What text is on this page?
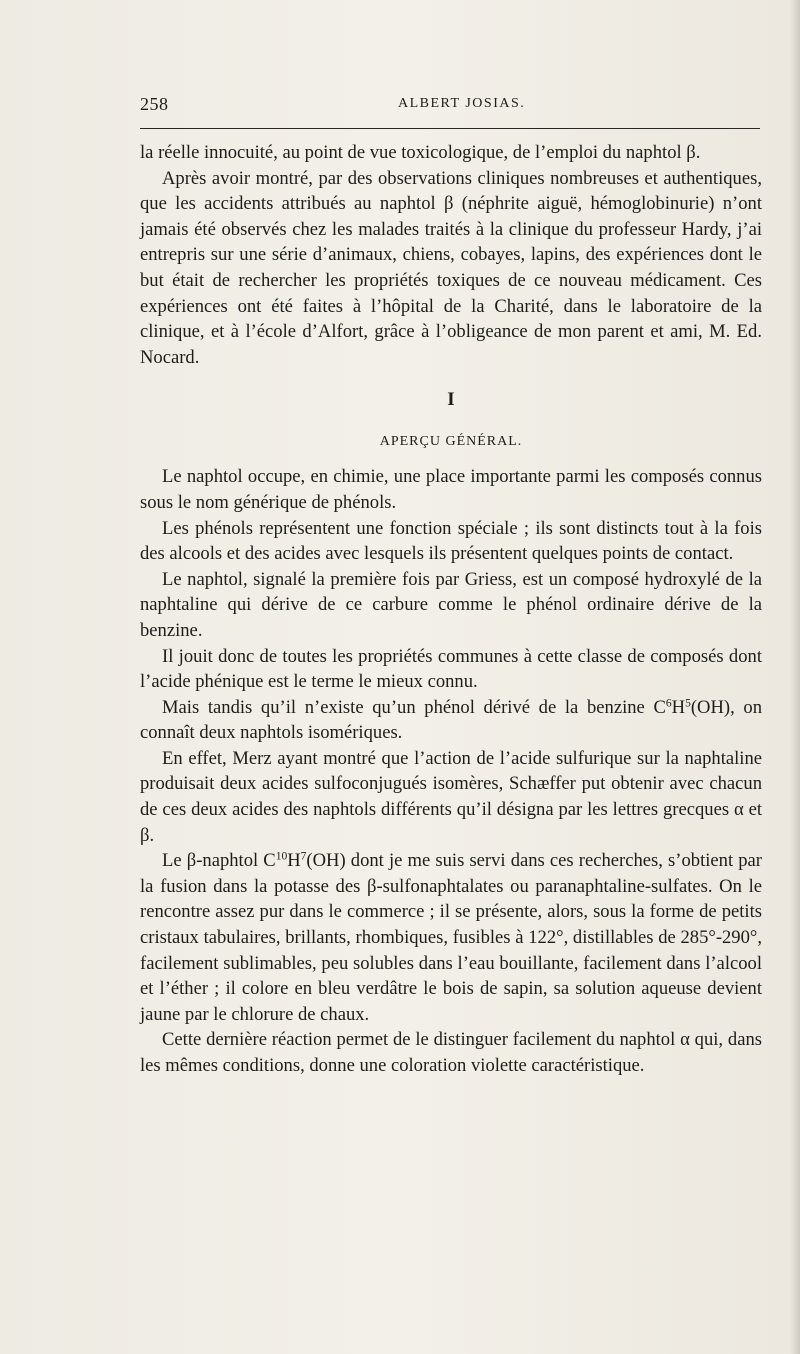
258	ALBERT JOSIAS.

la réelle innocuité, au point de vue toxicologique, de l’emploi du naphtol β.

Après avoir montré, par des observations cliniques nombreuses et authentiques, que les accidents attribués au naphtol β (néphrite aiguë, hémoglobinurie) n’ont jamais été observés chez les malades traités à la clinique du professeur Hardy, j’ai entrepris sur une série d’animaux, chiens, cobayes, lapins, des expériences dont le but était de rechercher les propriétés toxiques de ce nouveau médicament. Ces expériences ont été faites à l’hôpital de la Charité, dans le laboratoire de la clinique, et à l’école d’Alfort, grâce à l’obligeance de mon parent et ami, M. Ed. Nocard.

I
APERÇU GÉNÉRAL.

Le naphtol occupe, en chimie, une place importante parmi les composés connus sous le nom générique de phénols.

Les phénols représentent une fonction spéciale ; ils sont distincts tout à la fois des alcools et des acides avec lesquels ils présentent quelques points de contact.

Le naphtol, signalé la première fois par Griess, est un composé hydroxylé de la naphtaline qui dérive de ce carbure comme le phénol ordinaire dérive de la benzine.

Il jouit donc de toutes les propriétés communes à cette classe de composés dont l’acide phénique est le terme le mieux connu.

Mais tandis qu’il n’existe qu’un phénol dérivé de la benzine $C^6H^5(OH)$, on connaît deux naphtols isomériques.

En effet, Merz ayant montré que l’action de l’acide sulfurique sur la naphtaline produisait deux acides sulfoconjugués isomères, Schæffer put obtenir avec chacun de ces deux acides des naphtols différents qu’il désigna par les lettres grecques α et β.

Le β-naphtol $C^{10}H^7(OH)$ dont je me suis servi dans ces recherches, s’obtient par la fusion dans la potasse des β-sulfonaphtalates ou paranaphtaline-sulfates. On le rencontre assez pur dans le commerce ; il se présente, alors, sous la forme de petits cristaux tabulaires, brillants, rhombiques, fusibles à 122°, distillables de 285°-290°, facilement sublimables, peu solubles dans l’eau bouillante, facilement dans l’alcool et l’éther ; il colore en bleu verdâtre le bois de sapin, sa solution aqueuse devient jaune par le chlorure de chaux.

Cette dernière réaction permet de le distinguer facilement du naphtol α qui, dans les mêmes conditions, donne une coloration violette caractéristique.
